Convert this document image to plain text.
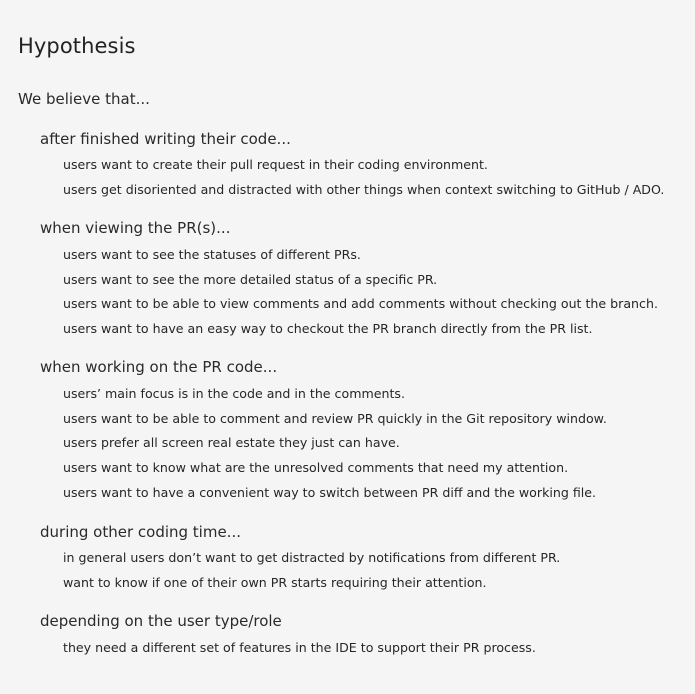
Hypothesis

We believe that...

after finished writing their code...

users want to create their pull request in their coding environment.

users get disoriented and distracted with other things when context switching to GitHub / ADO.

when viewing the PR(s)...

users want to see the statuses of different PRs.

users want to see the more detailed status of a specific PR.

users want to be able to view comments and add comments without checking out the branch.

users want to have an easy way to checkout the PR branch directly from the PR list.

when working on the PR code...

users’ main focus is in the code and in the comments.

users want to be able to comment and review PR quickly in the Git repository window.

users prefer all screen real estate they just can have.

users want to know what are the unresolved comments that need my attention.

users want to have a convenient way to switch between PR diff and the working file.

during other coding time...

in general users don’t want to get distracted by notifications from different PR.

want to know if one of their own PR starts requiring their attention.

depending on the user type/role

they need a different set of features in the IDE to support their PR process.
